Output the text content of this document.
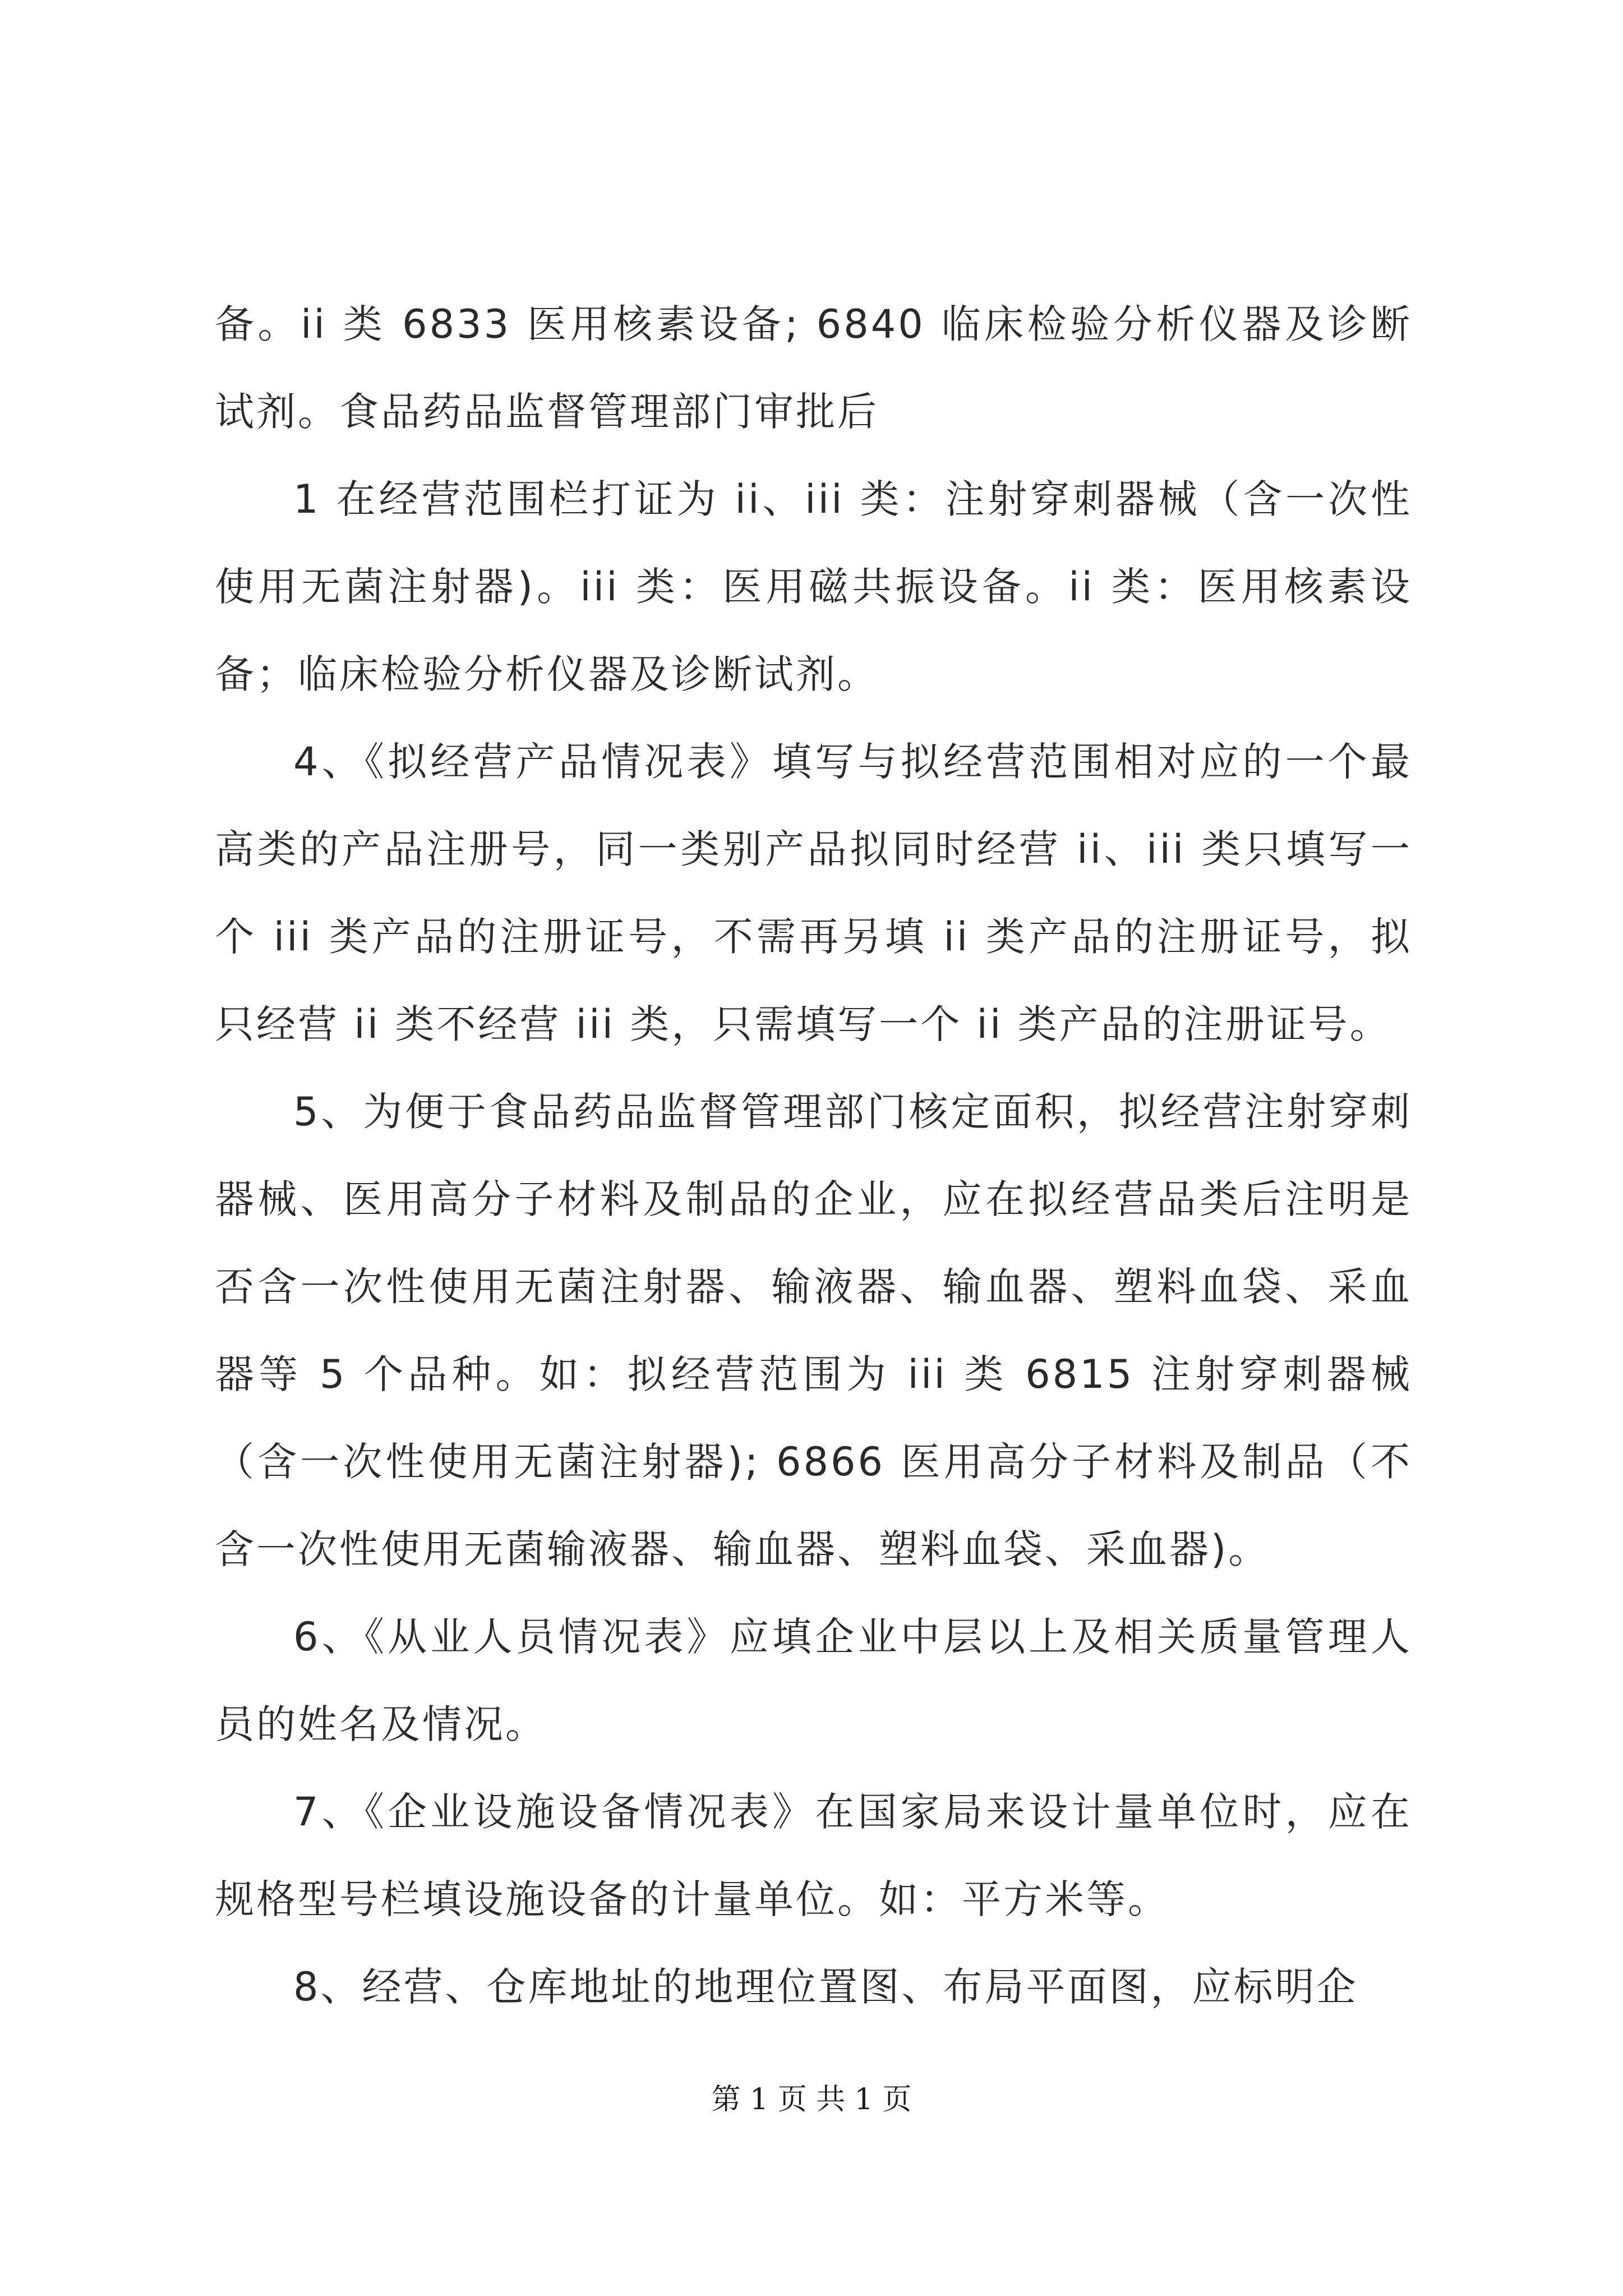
备。ii 类 6833 医用核素设备; 6840 临床检验分析仪器及诊断试剂。食品药品监督管理部门审批后

1 在经营范围栏打证为 ii、iii 类：注射穿刺器械（含一次性使用无菌注射器)。iii 类：医用磁共振设备。ii 类：医用核素设备；临床检验分析仪器及诊断试剂。

4、《拟经营产品情况表》填写与拟经营范围相对应的一个最高类的产品注册号，同一类别产品拟同时经营 ii、iii 类只填写一个 iii 类产品的注册证号，不需再另填 ii 类产品的注册证号，拟只经营 ii 类不经营 iii 类，只需填写一个 ii 类产品的注册证号。

5、为便于食品药品监督管理部门核定面积，拟经营注射穿刺器械、医用高分子材料及制品的企业，应在拟经营品类后注明是否含一次性使用无菌注射器、输液器、输血器、塑料血袋、采血器等 5 个品种。如：拟经营范围为 iii 类 6815 注射穿刺器械（含一次性使用无菌注射器); 6866 医用高分子材料及制品（不含一次性使用无菌输液器、输血器、塑料血袋、采血器)。

6、《从业人员情况表》应填企业中层以上及相关质量管理人员的姓名及情况。

7、《企业设施设备情况表》在国家局来设计量单位时，应在规格型号栏填设施设备的计量单位。如：平方米等。

8、经营、仓库地址的地理位置图、布局平面图，应标明企

第 1 页 共 1 页
